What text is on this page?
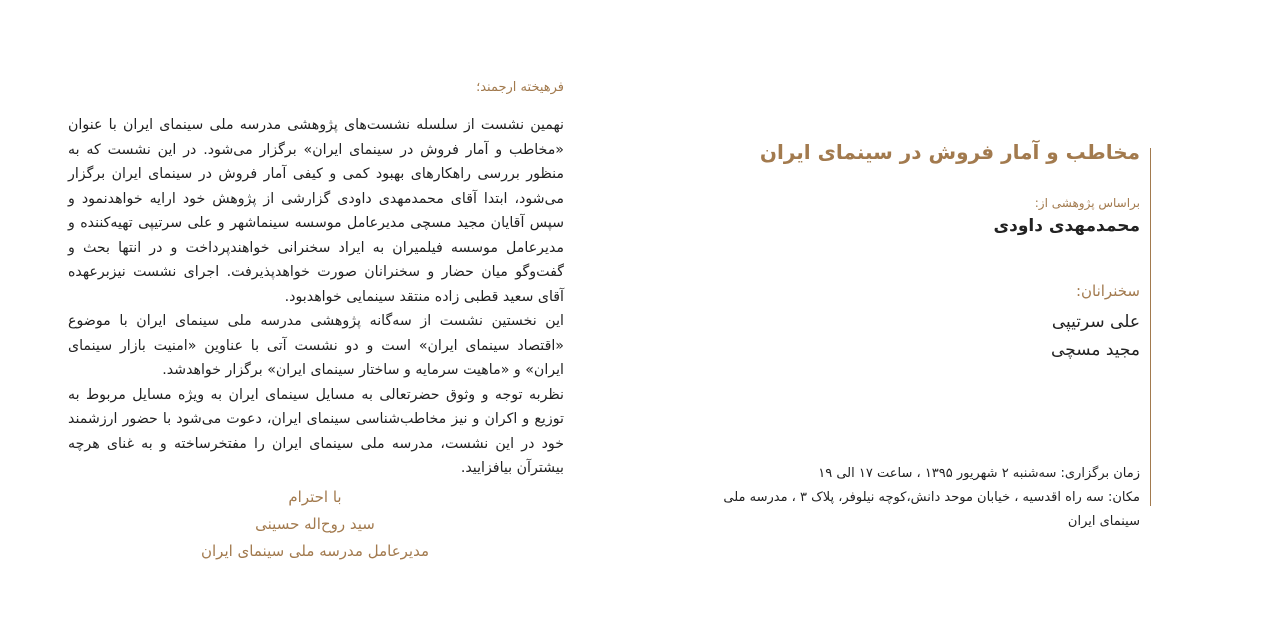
فرهیخته ارجمند؛

نهمین نشست از سلسله نشست‌های پژوهشی مدرسه ملی سینمای ایران با عنوان «مخاطب و آمار فروش در سینمای ایران» برگزار می‌شود. در این نشست که به منظور بررسی راهکارهای بهبود کمی و کیفی آمار فروش در سینمای ایران برگزار می‌شود، ابتدا آقای محمدمهدی داودی گزارشی از پژوهش خود ارایه خواهدنمود و سپس آقایان مجید مسچی مدیرعامل موسسه سینماشهر و علی سرتیپی تهیه‌کننده و مدیرعامل موسسه فیلمیران به ایراد سخنرانی خواهندپرداخت و در انتها بحث و گفت‌وگو میان حضار و سخنرانان صورت خواهدپذیرفت. اجرای نشست نیزبرعهده آقای سعید قطبی زاده منتقد سینمایی خواهدبود.

این نخستین نشست از سه‌گانه پژوهشی مدرسه ملی سینمای ایران با موضوع «اقتصاد سینمای ایران» است و دو نشست آتی با عناوین «امنیت بازار سینمای ایران» و «ماهیت سرمایه و ساختار سینمای ایران» برگزار خواهدشد.

نظربه توجه و وثوق حضرتعالی به مسایل سینمای ایران به ویژه مسایل مربوط به توزیع و اکران و نیز مخاطب‌شناسی سینمای ایران، دعوت می‌شود با حضور ارزشمند خود در این نشست، مدرسه ملی سینمای ایران را مفتخرساخته و به غنای هرچه بیشترآن بیافزایید.

با احترام
سید روح‌اله حسینی
مدیرعامل مدرسه ملی سینمای ایران
مخاطب و آمار فروش در سینمای ایران
براساس پژوهشی از:
محمدمهدی داودی
سخنرانان:
علی سرتیپی
مجید مسچی
زمان برگزاری: سه‌شنبه ۲ شهریور ۱۳۹۵ ، ساعت ۱۷ الی ۱۹
مکان: سه راه اقدسیه ، خیابان موحد دانش،کوچه نیلوفر، پلاک ۳ ، مدرسه ملی سینمای ایران
